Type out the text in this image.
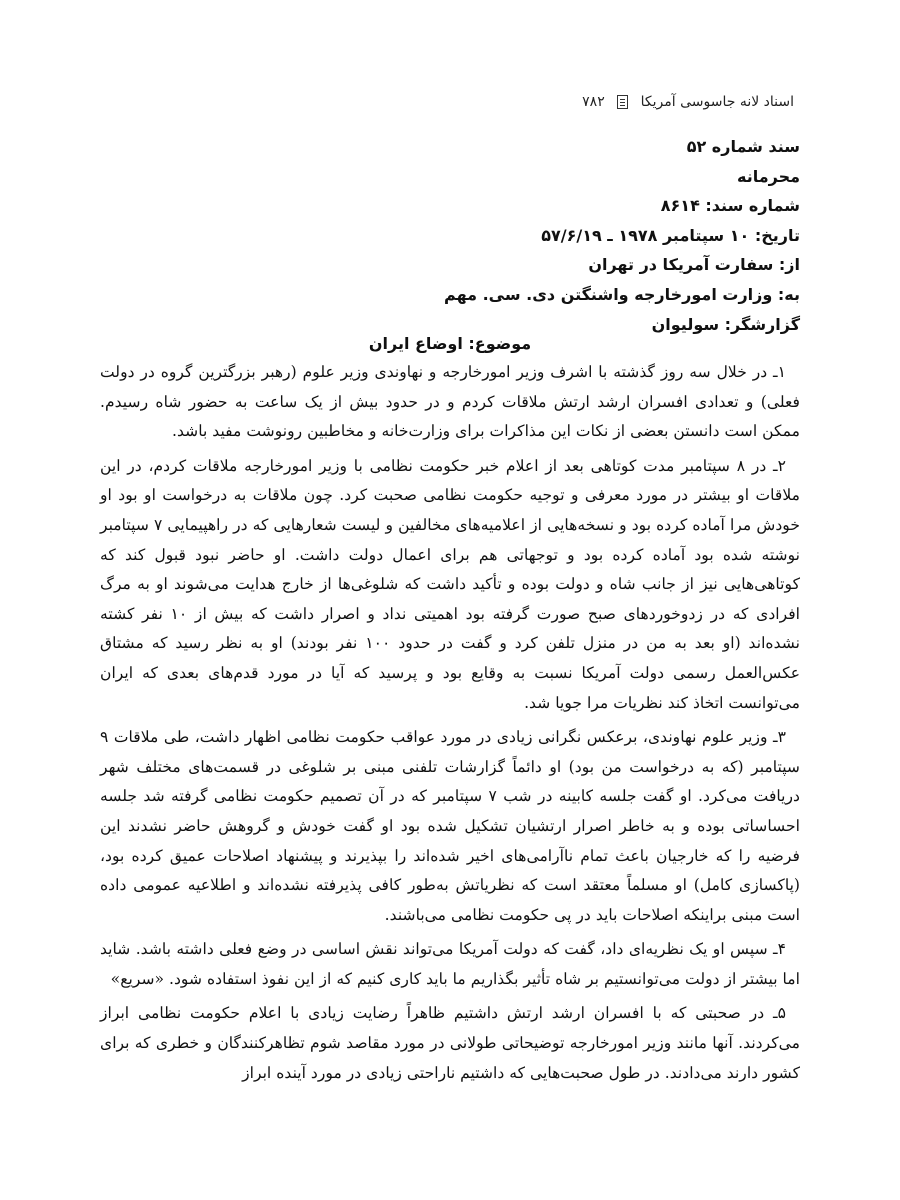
اسناد لانه جاسوسی آمریکا  ۷۸۲
سند شماره ۵۲
محرمانه
شماره سند: ۸۶۱۴
تاریخ: ۱۰ سپتامبر ۱۹۷۸ ـ ۵۷/۶/۱۹
از: سفارت آمریکا در تهران
به: وزارت امورخارجه واشنگتن دی. سی. مهم
گزارشگر: سولیوان
موضوع: اوضاع ایران

۱ـ در خلال سه روز گذشته با اشرف وزیر امورخارجه و نهاوندی وزیر علوم (رهبر بزرگترین گروه در دولت فعلی) و تعدادی افسران ارشد ارتش ملاقات کردم و در حدود بیش از یک ساعت به حضور شاه رسیدم. ممکن است دانستن بعضی از نکات این مذاکرات برای وزارت‌خانه و مخاطبین رونوشت مفید باشد.

۲ـ در ۸ سپتامبر مدت کوتاهی بعد از اعلام خبر حکومت نظامی با وزیر امورخارجه ملاقات کردم، در این ملاقات او بیشتر در مورد معرفی و توجیه حکومت نظامی صحبت کرد. چون ملاقات به درخواست او بود او خودش مرا آماده کرده بود و نسخه‌هایی از اعلامیه‌های مخالفین و لیست شعارهایی که در راهپیمایی ۷ سپتامبر نوشته شده بود آماده کرده بود و توجهاتی هم برای اعمال دولت داشت. او حاضر نبود قبول کند که کوتاهی‌هایی نیز از جانب شاه و دولت بوده و تأکید داشت که شلوغی‌ها از خارج هدایت می‌شوند او به مرگ افرادی که در زدوخوردهای صبح صورت گرفته بود اهمیتی نداد و اصرار داشت که بیش از ۱۰ نفر کشته نشده‌اند (او بعد به من در منزل تلفن کرد و گفت در حدود ۱۰۰ نفر بودند) او به نظر رسید که مشتاق عکس‌العمل رسمی دولت آمریکا نسبت به وقایع بود و پرسید که آیا در مورد قدم‌های بعدی که ایران می‌توانست اتخاذ کند نظریات مرا جویا شد.

۳ـ وزیر علوم نهاوندی، برعکس نگرانی زیادی در مورد عواقب حکومت نظامی اظهار داشت، طی ملاقات ۹ سپتامبر (که به درخواست من بود) او دائماً گزارشات تلفنی مبنی بر شلوغی در قسمت‌های مختلف شهر دریافت می‌کرد. او گفت جلسه کابینه در شب ۷ سپتامبر که در آن تصمیم حکومت نظامی گرفته شد جلسه احساساتی بوده و به خاطر اصرار ارتشیان تشکیل شده بود او گفت خودش و گروهش حاضر نشدند این فرضیه را که خارجیان باعث تمام ناآرامی‌های اخیر شده‌اند را بپذیرند و پیشنهاد اصلاحات عمیق کرده بود، (پاکسازی کامل) او مسلماً معتقد است که نظریاتش به‌طور کافی پذیرفته نشده‌اند و اطلاعیه عمومی داده است مبنی براینکه اصلاحات باید در پی حکومت نظامی می‌باشند.

۴ـ سپس او یک نظریه‌ای داد، گفت که دولت آمریکا می‌تواند نقش اساسی در وضع فعلی داشته باشد. شاید اما بیشتر از دولت می‌توانستیم بر شاه تأثیر بگذاریم ما باید کاری کنیم که از این نفوذ استفاده شود. «سریع»

۵ـ در صحبتی که با افسران ارشد ارتش داشتیم ظاهراً رضایت زیادی با اعلام حکومت نظامی ابراز می‌کردند. آنها مانند وزیر امورخارجه توضیحاتی طولانی در مورد مقاصد شوم تظاهرکنندگان و خطری که برای کشور دارند می‌دادند. در طول صحبت‌هایی که داشتیم ناراحتی زیادی در مورد آینده ابراز
